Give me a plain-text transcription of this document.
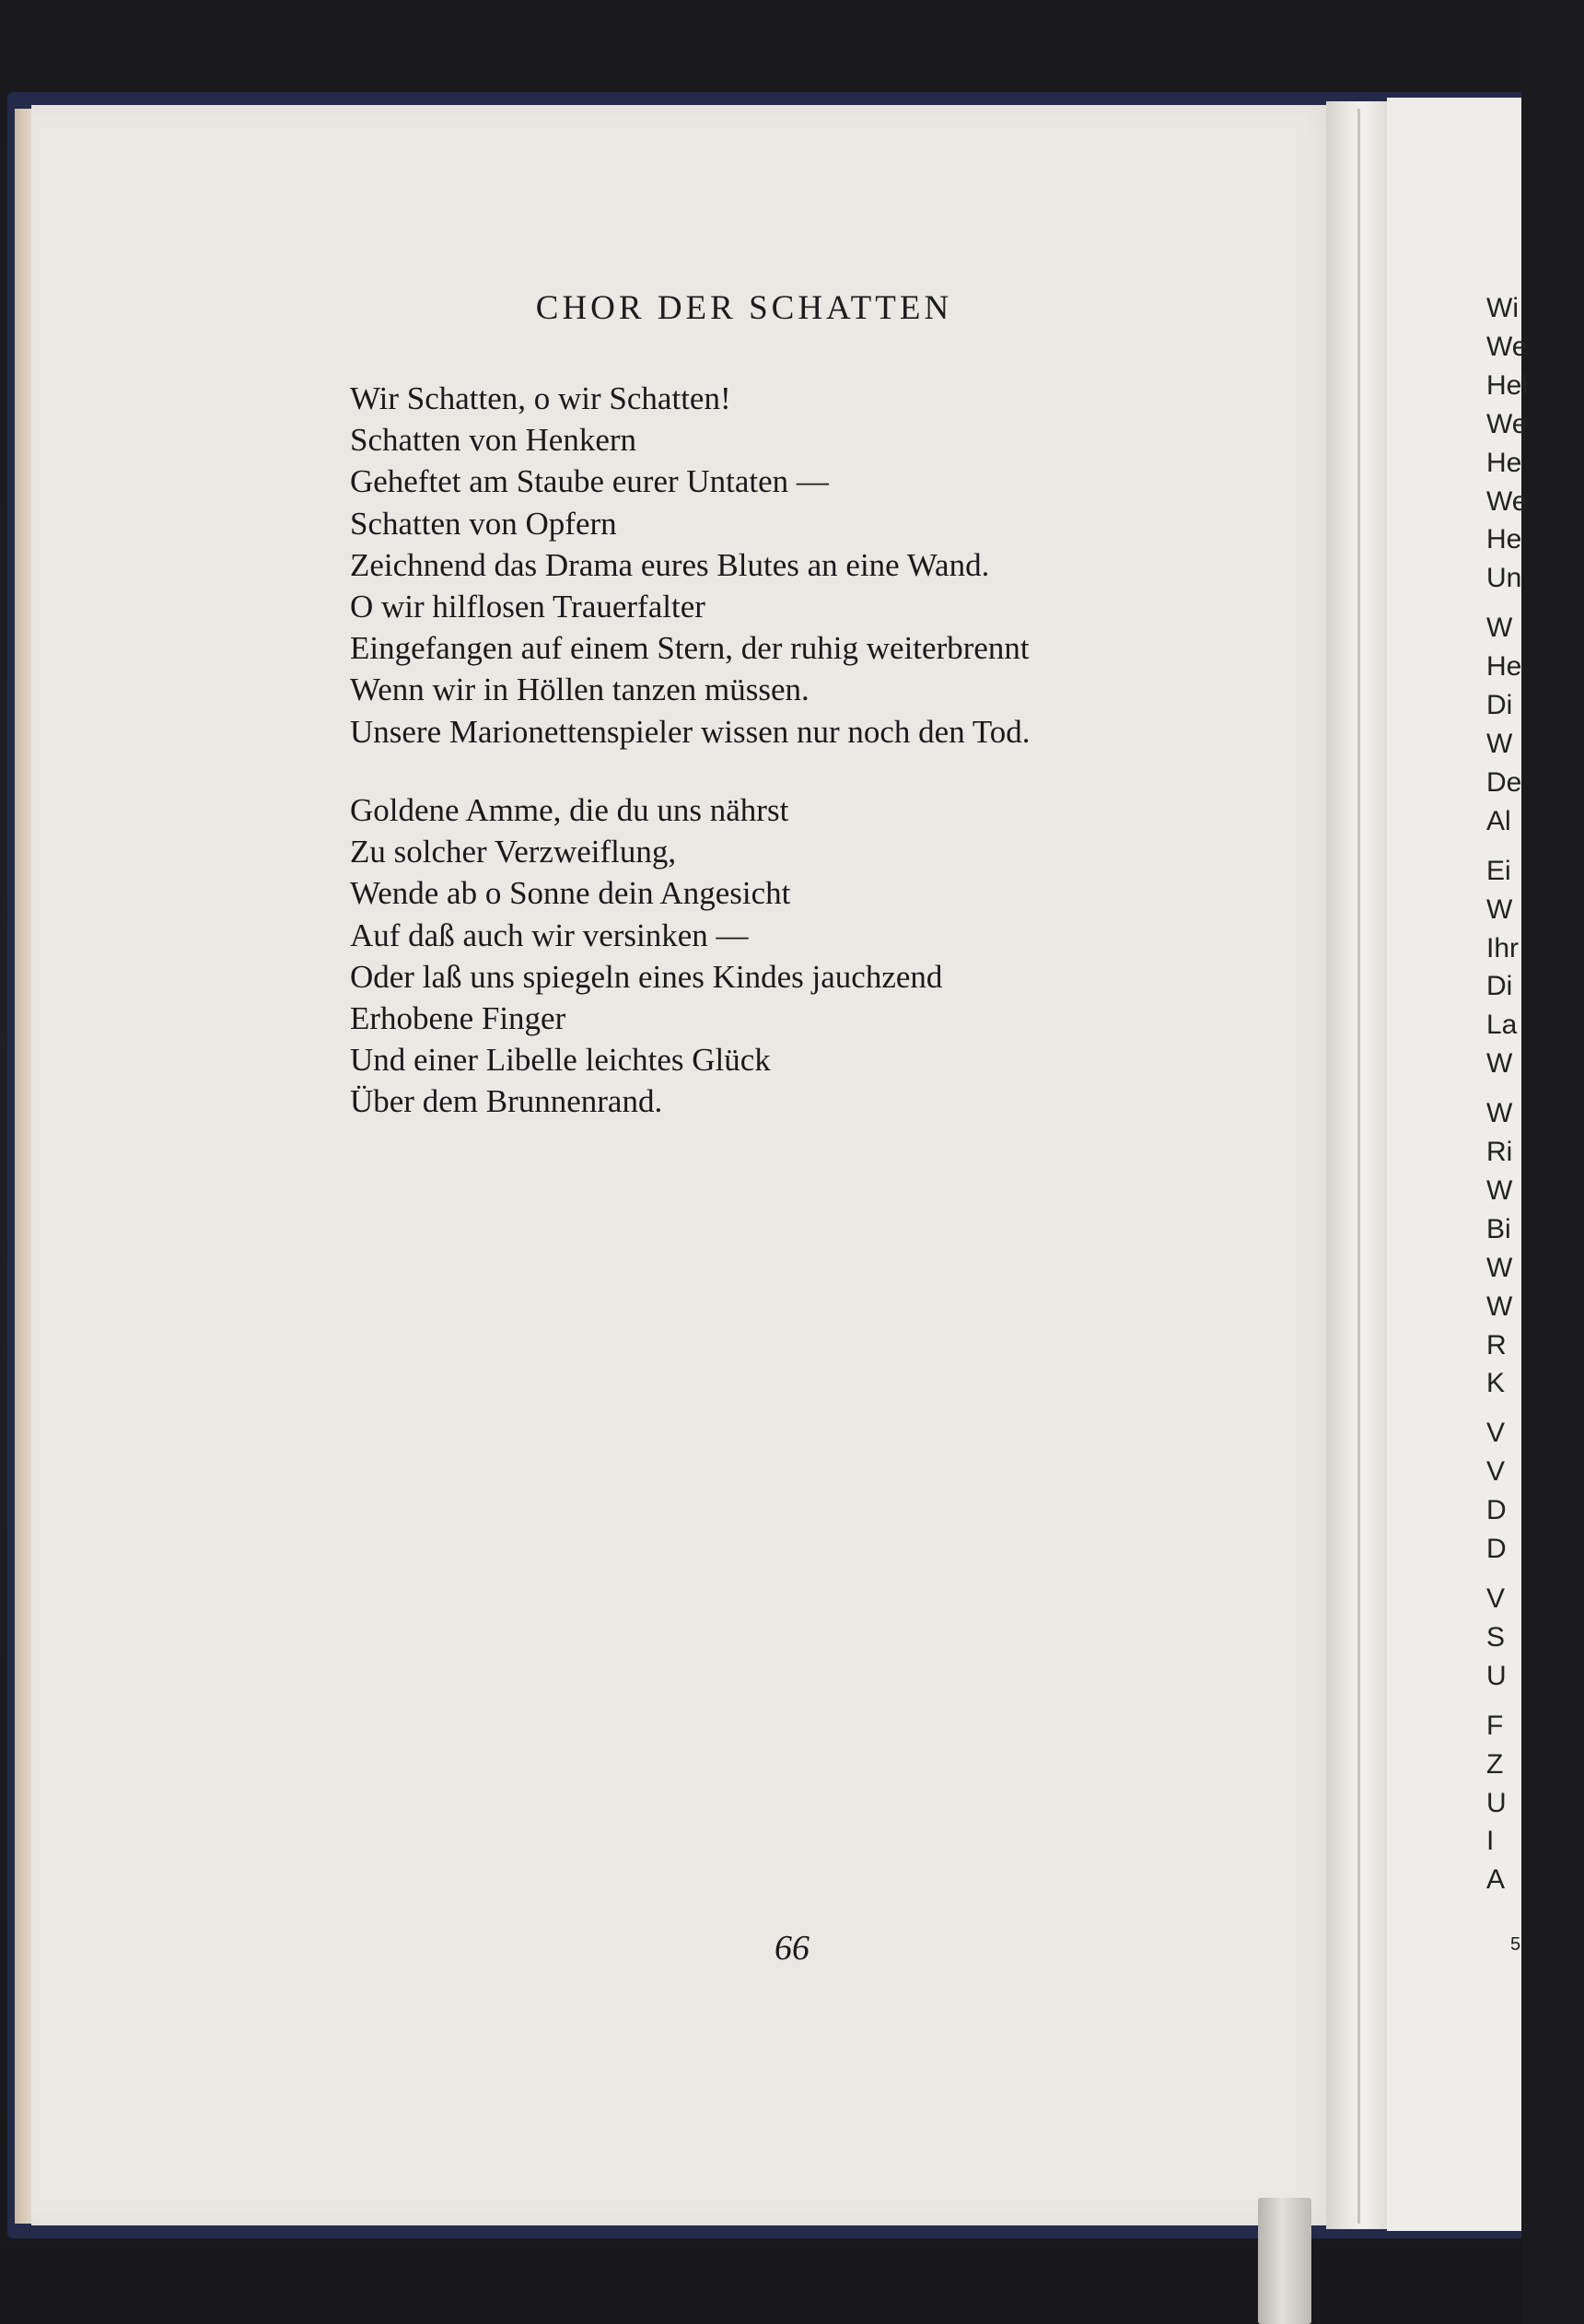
CHOR DER SCHATTEN
Wir Schatten, o wir Schatten!
Schatten von Henkern
Geheftet am Staube eurer Untaten —
Schatten von Opfern
Zeichnend das Drama eures Blutes an eine Wand.
O wir hilflosen Trauerfalter
Eingefangen auf einem Stern, der ruhig weiterbrennt
Wenn wir in Höllen tanzen müssen.
Unsere Marionettenspieler wissen nur noch den Tod.
Goldene Amme, die du uns nährst
Zu solcher Verzweiflung,
Wende ab o Sonne dein Angesicht
Auf daß auch wir versinken —
Oder laß uns spiegeln eines Kindes jauchzend
Erhobene Finger
Und einer Libelle leichtes Glück
Über dem Brunnenrand.
66
Wi
We
Hel
We
He
We
He
Un
W
He
Di
W
De
Al
Ei
W
Ihr
Di
La
W
W
Ri
W
Bi
W
W
R
K
V
V
D
D
V
S
U
F
Z
U
I
A
5
